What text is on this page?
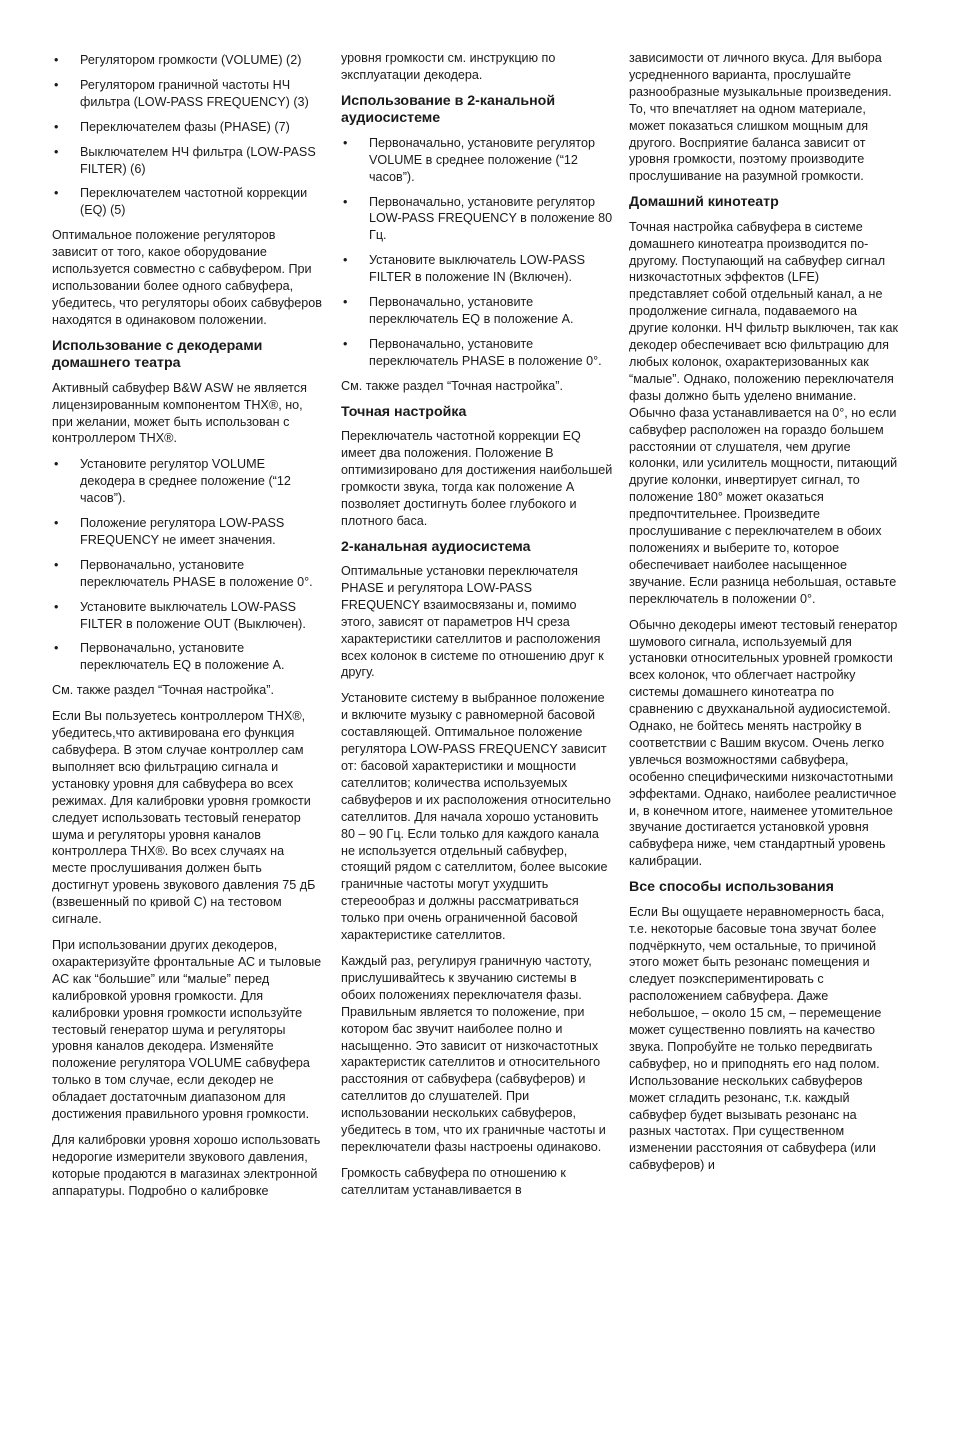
• Регулятором громкости (VOLUME) (2)
• Регулятором граничной частоты НЧ фильтра (LOW-PASS FREQUENCY) (3)
• Переключателем фазы (PHASE) (7)
• Выключателем НЧ фильтра (LOW-PASS FILTER) (6)
• Переключателем частотной коррекции (EQ) (5)

Оптимальное положение регуляторов зависит от того, какое оборудование используется совместно с сабвуфером. При использовании более одного сабвуфера, убедитесь, что регуляторы обоих сабвуферов находятся в одинаковом положении.

Использование с декодерами домашнего театра

Активный сабвуфер B&W ASW не является лицензированным компонентом THX®, но, при желании, может быть использован с контроллером THX®.

• Установите регулятор VOLUME декодера в среднее положение (“12 часов”).
• Положение регулятора LOW-PASS FREQUENCY не имеет значения.
• Первоначально, установите переключатель PHASE в положение 0°.
• Установите выключатель LOW-PASS FILTER в положение OUT (Выключен).
• Первоначально, установите переключатель EQ в положение A.

См. также раздел “Точная настройка”.

Если Вы пользуетесь контроллером THX®, убедитесь,что активирована его функция сабвуфера. В этом случае контроллер сам выполняет всю фильтрацию сигнала и установку уровня для сабвуфера во всех режимах. Для калибровки уровня громкости следует использовать тестовый генератор шума и регуляторы уровня каналов контроллера THX®. Во всех случаях на месте прослушивания должен быть достигнут уровень звукового давления 75 дБ (взвешенный по кривой C) на тестовом сигнале.

При использовании других декодеров, охарактеризуйте фронтальные АС и тыловые АС как “большие” или “малые” перед калибровкой уровня громкости. Для калибровки уровня громкости используйте тестовый генератор шума и регуляторы уровня каналов декодера. Изменяйте положение регулятора VOLUME сабвуфера только в том случае, если декодер не обладает достаточным диапазоном для достижения правильного уровня громкости.

Для калибровки уровня хорошо использовать недорогие измерители звукового давления, которые продаются в магазинах электронной аппаратуры. Подробно о калибровке

уровня громкости см. инструкцию по эксплуатации декодера.

Использование в 2-канальной аудиосистеме
• Первоначально, установите регулятор VOLUME в среднее положение (“12 часов”).
• Первоначально, установите регулятор LOW-PASS FREQUENCY в положение 80 Гц.
• Установите выключатель LOW-PASS FILTER в положение IN (Включен).
• Первоначально, установите переключатель EQ в положение A.
• Первоначально, установите переключатель PHASE в положение 0°.

См. также раздел “Точная настройка”.

Точная настройка

Переключатель частотной коррекции EQ имеет два положения. Положение B оптимизировано для достижения наибольшей громкости звука, тогда как положение A позволяет достигнуть более глубокого и плотного баса.

2-канальная аудиосистема

Оптимальные установки переключателя PHASE и регулятора LOW-PASS FREQUENCY взаимосвязаны и, помимо этого, зависят от параметров НЧ среза характеристики сателлитов и расположения всех колонок в системе по отношению друг к другу.

Установите систему в выбранное положение и включите музыку с равномерной басовой составляющей. Оптимальное положение регулятора LOW-PASS FREQUENCY зависит от: басовой характеристики и мощности сателлитов; количества используемых сабвуферов и их расположения относительно сателлитов. Для начала хорошо установить 80 – 90 Гц. Если только для каждого канала не используется отдельный сабвуфер, стоящий рядом с сателлитом, более высокие граничные частоты могут ухудшить стереообраз и должны рассматриваться только при очень ограниченной басовой характеристике сателлитов.

Каждый раз, регулируя граничную частоту, прислушивайтесь к звучанию системы в обоих положениях переключателя фазы. Правильным является то положение, при котором бас звучит наиболее полно и насыщенно. Это зависит от низкочастотных характеристик сателлитов и относительного расстояния от сабвуфера (сабвуферов) и сателлитов до слушателей. При использовании нескольких сабвуферов, убедитесь в том, что их граничные частоты и переключатели фазы настроены одинаково.

Громкость сабвуфера по отношению к сателлитам устанавливается в

зависимости от личного вкуса. Для выбора усредненного варианта, прослушайте разнообразные музыкальные произведения. То, что впечатляет на одном материале, может показаться слишком мощным для другого. Восприятие баланса зависит от уровня громкости, поэтому производите прослушивание на разумной громкости.

Домашний кинотеатр

Точная настройка сабвуфера в системе домашнего кинотеатра производится по-другому. Поступающий на сабвуфер сигнал низкочастотных эффектов (LFE) представляет собой отдельный канал, а не продолжение сигнала, подаваемого на другие колонки. НЧ фильтр выключен, так как декодер обеспечивает всю фильтрацию для любых колонок, охарактеризованных как “малые”. Однако, положению переключателя фазы должно быть уделено внимание. Обычно фаза устанавливается на 0°, но если сабвуфер расположен на гораздо большем расстоянии от слушателя, чем другие колонки, или усилитель мощности, питающий другие колонки, инвертирует сигнал, то положение 180° может оказаться предпочтительнее. Произведите прослушивание с переключателем в обоих положениях и выберите то, которое обеспечивает наиболее насыщенное звучание. Если разница небольшая, оставьте переключатель в положении 0°.

Обычно декодеры имеют тестовый генератор шумового сигнала, используемый для установки относительных уровней громкости всех колонок, что облегчает настройку системы домашнего кинотеатра по сравнению с двухканальной аудиосистемой. Однако, не бойтесь менять настройку в соответствии с Вашим вкусом. Очень легко увлечься возможностями сабвуфера, особенно специфическими низкочастотными эффектами. Однако, наиболее реалистичное и, в конечном итоге, наименее утомительное звучание достигается установкой уровня сабвуфера ниже, чем стандартный уровень калибрации.

Все способы использования

Если Вы ощущаете неравномерность баса, т.е. некоторые басовые тона звучат более подчёркнуто, чем остальные, то причиной этого может быть резонанс помещения и следует поэкспериментировать с расположением сабвуфера. Даже небольшое, – около 15 см, – перемещение может существенно повлиять на качество звука. Попробуйте не только передвигать сабвуфер, но и приподнять его над полом. Использование нескольких сабвуферов может сгладить резонанс, т.к. каждый сабвуфер будет вызывать резонанс на разных частотах. При существенном изменении расстояния от сабвуфера (или сабвуферов) и
